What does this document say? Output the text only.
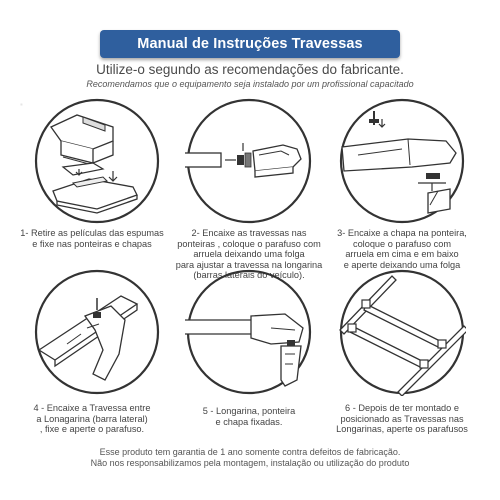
▪
Manual de Instruções Travessas
Utilize-o segundo as recomendações do fabricante.
Recomendamos que o equipamento seja instalado por um profissional capacitado
1- Retire as películas das espumas
e fixe nas ponteiras e chapas
2- Encaixe as travessas nas
ponteiras , coloque o parafuso com
arruela deixando uma folga
para ajustar a travessa na longarina
(barras laterais do veículo).
3- Encaixe a chapa na ponteira,
coloque o parafuso com
arruela em cima e em baixo
e aperte deixando uma folga
4 - Encaixe a Travessa entre
a Lonagarina (barra lateral)
, fixe e aperte o parafuso.
5 - Longarina, ponteira
e chapa fixadas.
6 - Depois de ter montado e
posicionado as Travessas nas
Longarinas, aperte os parafusos
Esse produto tem garantia de 1 ano somente contra defeitos de fabricação.
Não nos responsabilizamos pela montagem, instalação ou utilização do produto
